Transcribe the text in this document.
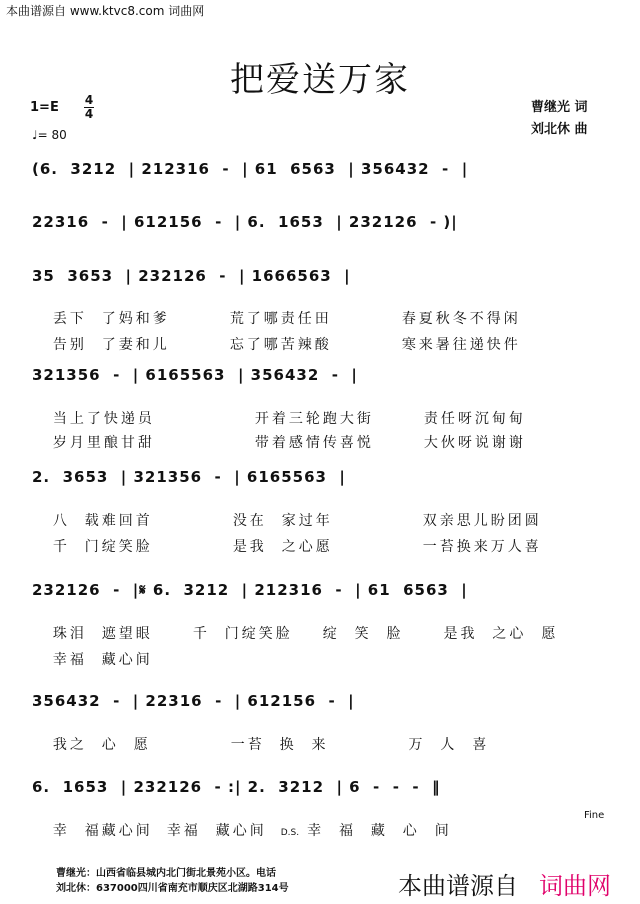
本曲谱源自 www.ktvc8.com 词曲网
把爱送万家
1=E 4
4
♩= 80
曹继光 词
刘北休 曲
(6.  3212  | 212316  -  | 61  6563  | 356432  -  |
22316  -  | 612156  -  | 6.  1653  | 232126  - )|
35  3653  | 232126  -  | 1666563  |

丢下  了妈和爹	荒了哪责任田	春夏秋冬不得闲

告别  了妻和儿	忘了哪苦辣酸	寒来暑往递快件

321356  -  | 6165563  | 356432  -  |

当上了快递员	开着三轮跑大街	责任呀沉甸甸

岁月里酿甘甜	带着感情传喜悦	大伙呀说谢谢

2.  3653  | 321356  -  | 6165563  |

八  载难回首	没在  家过年	双亲思儿盼团圆

千  门绽笑脸	是我  之心愿	一苔换来万人喜

232126  -  |𝄋 6.  3212  | 212316  -  | 61  6563  |

珠泪  遮望眼	千  门绽笑脸 绽  笑  脸	是我  之心  愿

幸福  藏心间

356432  -  | 22316  -  | 612156  -  |

我之  心  愿	一苔  换  来	万  人  喜

6.  1653  | 232126  - :| 2.  3212  | 6  -  -  -  ‖

幸  福藏心间 幸福  藏心间 D.S. 幸  福  藏  心  间

Fine
曹继光：山西省临县城内北门街北景苑小区。电话
刘北休：637000四川省南充市顺庆区北湖路314号	本曲谱源自 词曲网
